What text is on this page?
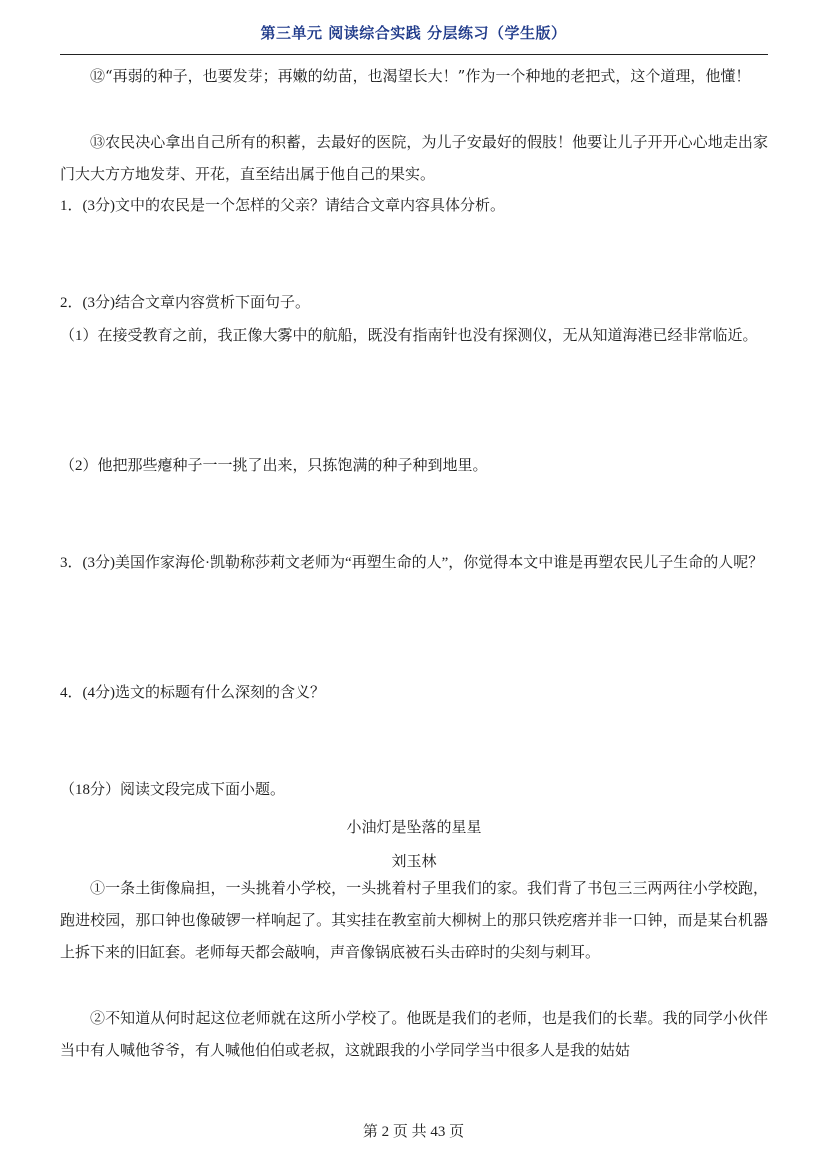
第三单元 阅读综合实践 分层练习（学生版）
⑫“再弱的种子，也要发芽；再嫩的幼苗，也渴望长大！”作为一个种地的老把式，这个道理，他懂！
⑬农民决心拿出自己所有的积蓄，去最好的医院，为儿子安最好的假肢！他要让儿子开开心心地走出家门大大方方地发芽、开花，直至结出属于他自己的果实。
1．(3分)文中的农民是一个怎样的父亲？请结合文章内容具体分析。
2．(3分)结合文章内容赏析下面句子。
（1）在接受教育之前，我正像大雾中的航船，既没有指南针也没有探测仪，无从知道海港已经非常临近。
（2）他把那些瘪种子一一挑了出来，只拣饱满的种子种到地里。
3．(3分)美国作家海伦·凯勒称莎莉文老师为“再塑生命的人”，你觉得本文中谁是再塑农民儿子生命的人呢？
4．(4分)选文的标题有什么深刻的含义？
（18分）阅读文段完成下面小题。
小油灯是坠落的星星
刘玉林
①一条土街像扁担，一头挑着小学校，一头挑着村子里我们的家。我们背了书包三三两两往小学校跑，跑进校园，那口钟也像破锣一样响起了。其实挂在教室前大柳树上的那只铁疙瘩并非一口钟，而是某台机器上拆下来的旧缸套。老师每天都会敲响，声音像锅底被石头击碎时的尖刻与刺耳。
②不知道从何时起这位老师就在这所小学校了。他既是我们的老师，也是我们的长辈。我的同学小伙伴当中有人喊他爷爷，有人喊他伯伯或老叔，这就跟我的小学同学当中很多人是我的姑姑
第 2 页 共 43 页
